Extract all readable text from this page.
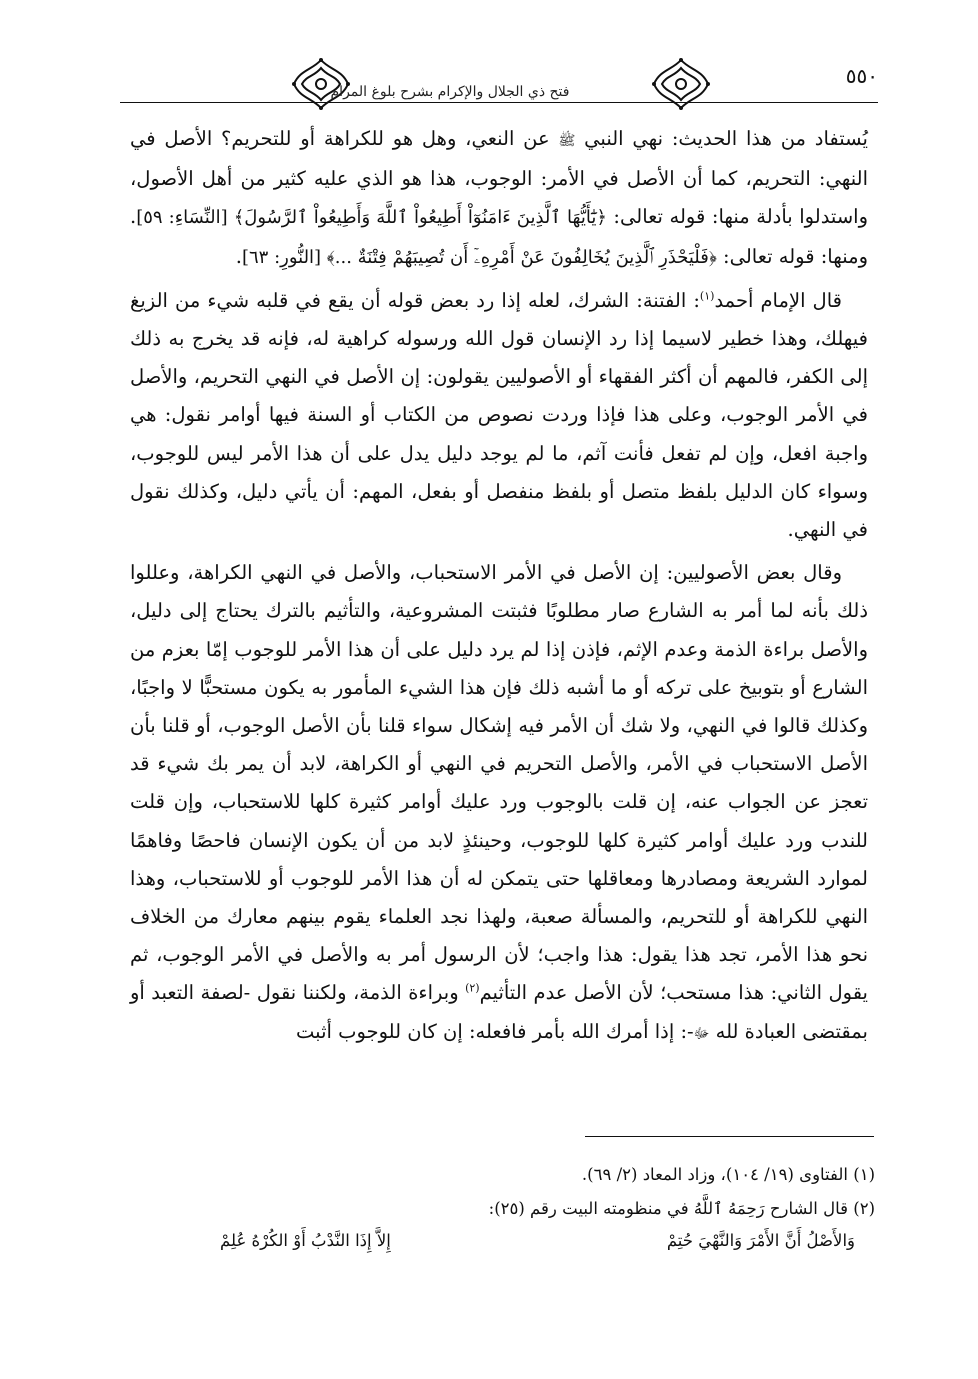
فتح ذي الجلال والإكرام بشرح بلوغ المرام
٥٥٠

يُستفاد من هذا الحديث: نهي النبي ﷺ عن النعي، وهل هو للكراهة أو للتحريم؟ الأصل في النهي: التحريم، كما أن الأصل في الأمر: الوجوب، هذا هو الذي عليه كثير من أهل الأصول، واستدلوا بأدلة منها: قوله تعالى: ﴿يَٰٓأَيُّهَا ٱلَّذِينَ ءَامَنُوٓاْ أَطِيعُواْ ٱللَّهَ وَأَطِيعُواْ ٱلرَّسُولَ﴾ [النِّسَاءِ: ٥٩]. ومنها: قوله تعالى: ﴿فَلْيَحْذَرِ ٱلَّذِينَ يُخَالِفُونَ عَنْ أَمْرِهِۦٓ أَن تُصِيبَهُمْ فِتْنَةٌ ...﴾ [النُّورِ: ٦٣].

قال الإمام أحمد$^{(١)}$: الفتنة: الشرك، لعله إذا رد بعض قوله أن يقع في قلبه شيء من الزيغ فيهلك، وهذا خطير لاسيما إذا رد الإنسان قول الله ورسوله كراهية له، فإنه قد يخرج به ذلك إلى الكفر، فالمهم أن أكثر الفقهاء أو الأصوليين يقولون: إن الأصل في النهي التحريم، والأصل في الأمر الوجوب، وعلى هذا فإذا وردت نصوص من الكتاب أو السنة فيها أوامر نقول: هي واجبة افعل، وإن لم تفعل فأنت آثم، ما لم يوجد دليل يدل على أن هذا الأمر ليس للوجوب، وسواء كان الدليل بلفظ متصل أو بلفظ منفصل أو بفعل، المهم: أن يأتي دليل، وكذلك نقول في النهي.

وقال بعض الأصوليين: إن الأصل في الأمر الاستحباب، والأصل في النهي الكراهة، وعللوا ذلك بأنه لما أمر به الشارع صار مطلوبًا فثبتت المشروعية، والتأثيم بالترك يحتاج إلى دليل، والأصل براءة الذمة وعدم الإثم، فإذن إذا لم يرد دليل على أن هذا الأمر للوجوب إمّا بعزم من الشارع أو بتوبيخ على تركه أو ما أشبه ذلك فإن هذا الشيء المأمور به يكون مستحبًّا لا واجبًا، وكذلك قالوا في النهي، ولا شك أن الأمر فيه إشكال سواء قلنا بأن الأصل الوجوب، أو قلنا بأن الأصل الاستحباب في الأمر، والأصل التحريم في النهي أو الكراهة، لابد أن يمر بك شيء قد تعجز عن الجواب عنه، إن قلت بالوجوب ورد عليك أوامر كثيرة كلها للاستحباب، وإن قلت للندب ورد عليك أوامر كثيرة كلها للوجوب، وحينئذٍ لابد من أن يكون الإنسان فاحصًا وفاهمًا لموارد الشريعة ومصادرها ومعاقلها حتى يتمكن له أن هذا الأمر للوجوب أو للاستحباب، وهذا النهي للكراهة أو للتحريم، والمسألة صعبة، ولهذا نجد العلماء يقوم بينهم معارك من الخلاف نحو هذا الأمر، تجد هذا يقول: هذا واجب؛ لأن الرسول أمر به والأصل في الأمر الوجوب، ثم يقول الثاني: هذا مستحب؛ لأن الأصل عدم التأثيم$^{(٢)}$ وبراءة الذمة، ولكننا نقول -لصفة التعبد أو بمقتضى العبادة لله ﷻ-: إذا أمرك الله بأمر فافعله: إن كان للوجوب أثبت

(١) الفتاوى (١٩/ ١٠٤)، وزاد المعاد (٢/ ٦٩).

(٢) قال الشارح رَحِمَهُ ٱللَّهُ في منظومته البيت رقم (٢٥):

وَالأَصْلُ أَنَّ الأَمْرَ وَالنَّهْيَ حُتِمْ
إِلاَّ إِذَا النَّدْبُ أَوْ الكُرْهُ عُلِمْ
